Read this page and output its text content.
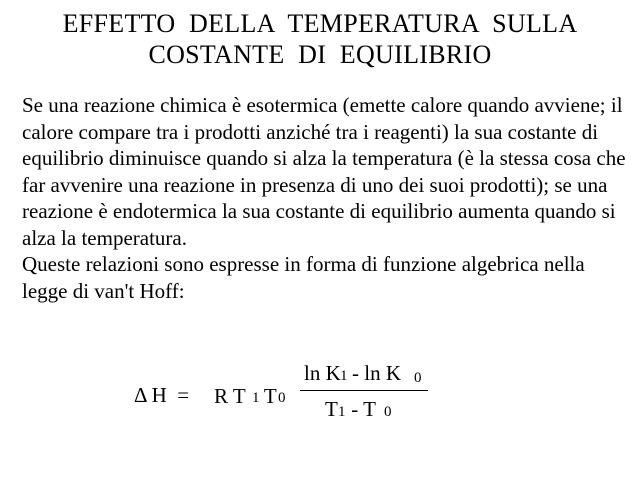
EFFETTO  DELLA  TEMPERATURA  SULLA
COSTANTE  DI  EQUILIBRIO

Se una reazione chimica è esotermica (emette calore quando avviene; il calore compare tra i prodotti anziché tra i reagenti) la sua costante di equilibrio diminuisce quando si alza la temperatura (è la stessa cosa che far avvenire una reazione in presenza di uno dei suoi prodotti); se una reazione è endotermica la sua costante di equilibrio aumenta quando si alza la temperatura.

Queste relazioni sono espresse in forma di funzione algebrica nella legge di van't Hoff:

Δ H  = R T 1 T 0
ln K 1 - ln K 0
T 1 - T 0
